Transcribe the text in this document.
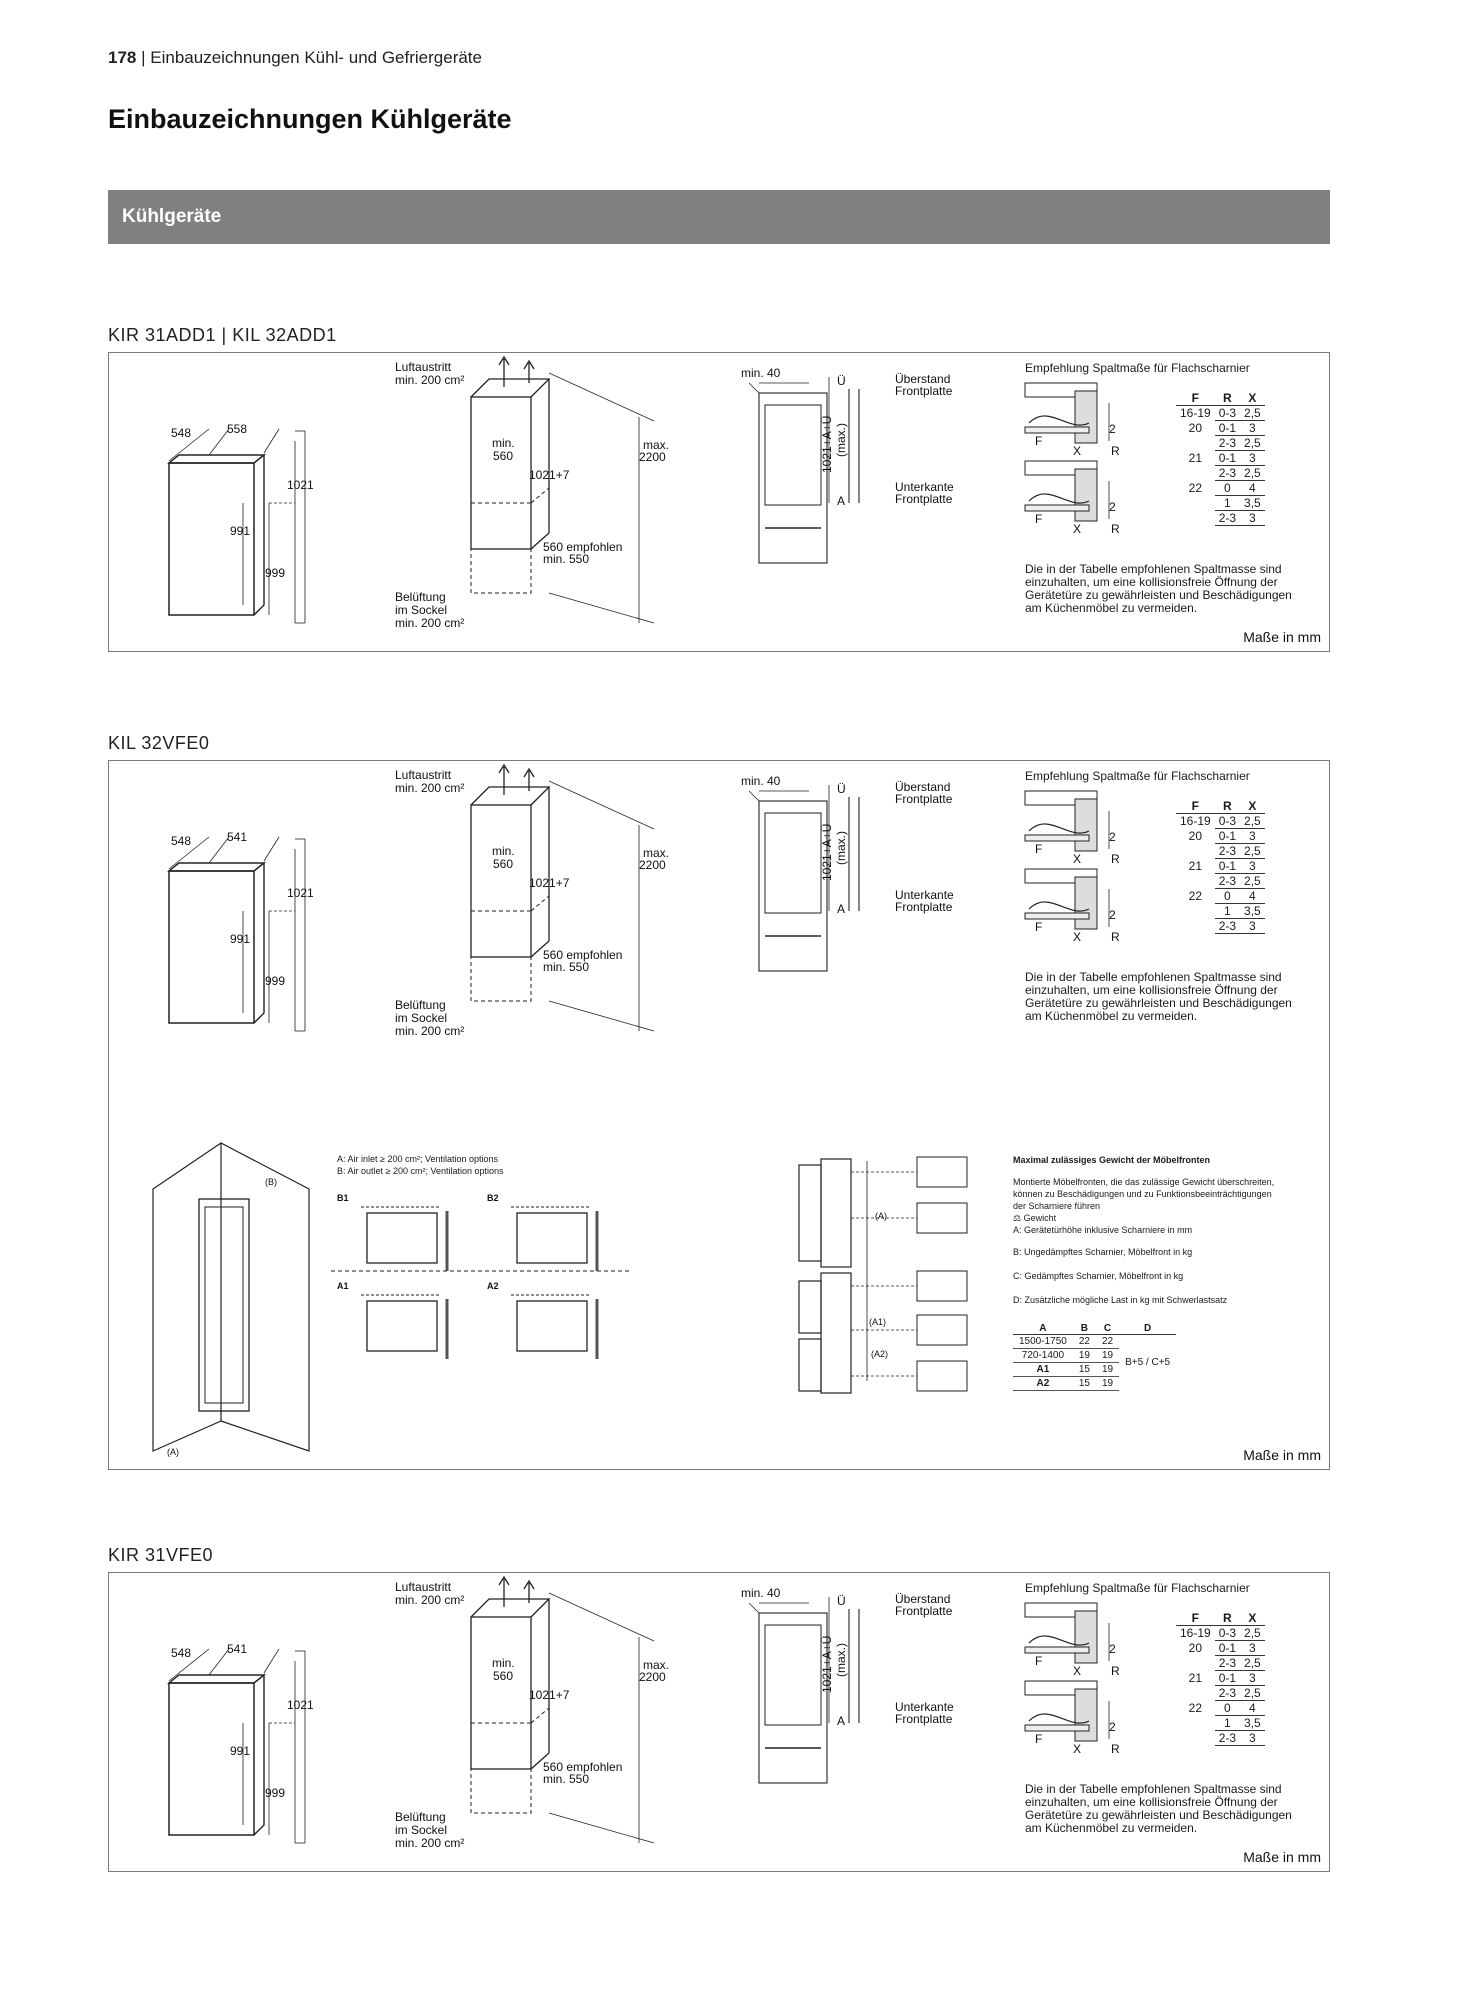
178 | Einbauzeichnungen Kühl- und Gefriergeräte
Einbauzeichnungen Kühlgeräte
Kühlgeräte
KIR 31ADD1 | KIL 32ADD1
548	558
1021
991
999
Luftaustritt
min. 200 cm²
min.
560
1021+7
max.
2200
560 empfohlen
min. 550
Belüftung
im Sockel
min. 200 cm²
min. 40
Ü	Überstand
Frontplatte
1021+A+Ü (max.)
A
Unterkante
Frontplatte
F
X R
2
F
X R
2
Empfehlung Spaltmaße für Flachscharnier
F	R	X
16-19	0-3	2,5
20	0-1	3
	2-3	2,5
21	0-1	3
	2-3	2,5
22	0	4
	1	3,5
	2-3	3
Die in der Tabelle empfohlenen Spaltmasse sind einzuhalten, um eine kollisionsfreie Öffnung der Gerätetüre zu gewährleisten und Beschädigungen am Küchenmöbel zu vermeiden.
Maße in mm
KIL 32VFE0
548	541
1021
991
999
Luftaustritt
min. 200 cm²
min.
560
1021+7
max.
2200
560 empfohlen
min. 550
Belüftung
im Sockel
min. 200 cm²
min. 40
Ü	Überstand
Frontplatte
1021+A+Ü (max.)
A
Unterkante
Frontplatte
F
X R
2
F
X R
2
Empfehlung Spaltmaße für Flachscharnier
F	R	X
16-19	0-3	2,5
20	0-1	3
	2-3	2,5
21	0-1	3
	2-3	2,5
22	0	4
	1	3,5
	2-3	3
Die in der Tabelle empfohlenen Spaltmasse sind einzuhalten, um eine kollisionsfreie Öffnung der Gerätetüre zu gewährleisten und Beschädigungen am Küchenmöbel zu vermeiden.
(A)
(B)
B1	B2
A1	A2
(A)
(A1)
(A2)
A: Air inlet ≥ 200 cm²; Ventilation options
B: Air outlet ≥ 200 cm²; Ventilation options
Maximal zulässiges Gewicht der Möbelfronten
Montierte Möbelfronten, die das zulässige Gewicht überschreiten, können zu Beschädigungen und zu Funktionsbeeinträchtigungen der Scharniere führen
⚖ Gewicht
A: Gerätetürhöhe inklusive Scharniere in mm
B: Ungedämpftes Scharnier, Möbelfront in kg
C: Gedämpftes Scharnier, Möbelfront in kg
D: Zusätzliche mögliche Last in kg mit Schwerlastsatz
A	B	C	D
1500-1750	22	22	B+5 / C+5
720-1400	19	19	
A1	15	19	
A2	15	19	
Maße in mm
KIR 31VFE0
548	541
1021
991
999
Luftaustritt
min. 200 cm²
min.
560
1021+7
max.
2200
560 empfohlen
min. 550
Belüftung
im Sockel
min. 200 cm²
min. 40
Ü	Überstand
Frontplatte
1021+A+Ü (max.)
A
Unterkante
Frontplatte
F
X R
2
F
X R
2
Empfehlung Spaltmaße für Flachscharnier
F	R	X
16-19	0-3	2,5
20	0-1	3
	2-3	2,5
21	0-1	3
	2-3	2,5
22	0	4
	1	3,5
	2-3	3
Die in der Tabelle empfohlenen Spaltmasse sind einzuhalten, um eine kollisionsfreie Öffnung der Gerätetüre zu gewährleisten und Beschädigungen am Küchenmöbel zu vermeiden.
Maße in mm
